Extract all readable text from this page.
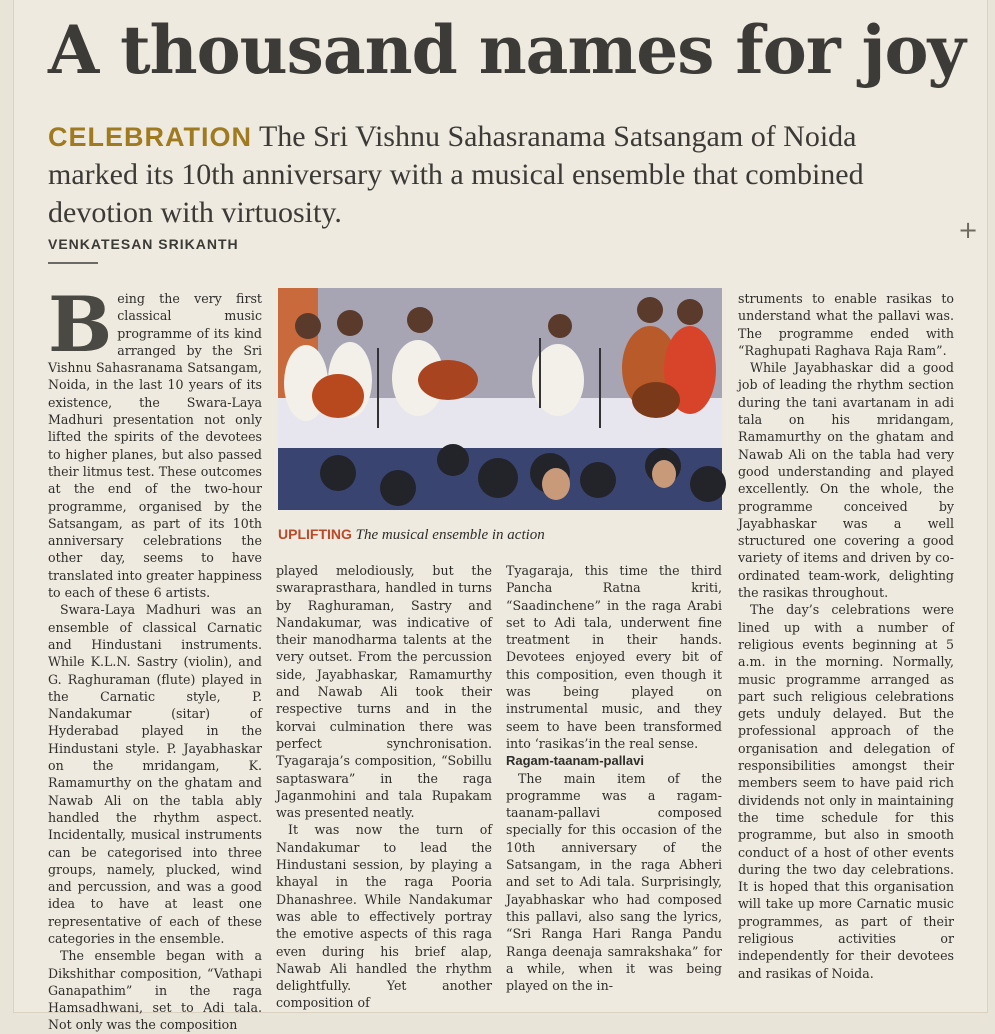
A thousand names for joy

CELEBRATION The Sri Vishnu Sahasranama Satsangam of Noida marked its 10th anniversary with a musical ensemble that combined devotion with virtuosity.

VENKATESAN SRIKANTH	+

Being the very first classical music programme of its kind arranged by the Sri Vishnu Sahasranama Satsangam, Noida, in the last 10 years of its existence, the Swara-Laya Madhuri presentation not only lifted the spirits of the devotees to higher planes, but also passed their litmus test. These outcomes at the end of the two-hour programme, organised by the Satsangam, as part of its 10th anniversary celebrations the other day, seems to have translated into greater happiness to each of these 6 artists.

Swara-Laya Madhuri was an ensemble of classical Carnatic and Hindustani instruments. While K.L.N. Sastry (violin), and G. Raghuraman (flute) played in the Carnatic style, P. Nandakumar (sitar) of Hyderabad played in the Hindustani style. P. Jayabhaskar on the mridangam, K. Ramamurthy on the ghatam and Nawab Ali on the tabla ably handled the rhythm aspect. Incidentally, musical instruments can be categorised into three groups, namely, plucked, wind and percussion, and was a good idea to have at least one representative of each of these categories in the ensemble.

The ensemble began with a Dikshithar composition, “Vathapi Ganapathim” in the raga Hamsadhwani, set to Adi tala. Not only was the composition

UPLIFTING The musical ensemble in action

played melodiously, but the swaraprasthara, handled in turns by Raghuraman, Sastry and Nandakumar, was indicative of their manodharma talents at the very outset. From the percussion side, Jayabhaskar, Ramamurthy and Nawab Ali took their respective turns and in the korvai culmination there was perfect synchronisation. Tyagaraja’s composition, “Sobillu saptaswara” in the raga Jaganmohini and tala Rupakam was presented neatly.

It was now the turn of Nandakumar to lead the Hindustani session, by playing a khayal in the raga Pooria Dhanashree. While Nandakumar was able to effectively portray the emotive aspects of this raga even during his brief alap, Nawab Ali handled the rhythm delightfully. Yet another composition of

Tyagaraja, this time the third Pancha Ratna kriti, “Saadinchene” in the raga Arabi set to Adi tala, underwent fine treatment in their hands. Devotees enjoyed every bit of this composition, even though it was being played on instrumental music, and they seem to have been transformed into ‘rasikas’in the real sense.

Ragam-taanam-pallavi

The main item of the programme was a ragam-taanam-pallavi composed specially for this occasion of the 10th anniversary of the Satsangam, in the raga Abheri and set to Adi tala. Surprisingly, Jayabhaskar who had composed this pallavi, also sang the lyrics, “Sri Ranga Hari Ranga Pandu Ranga deenaja samrakshaka” for a while, when it was being played on the in-

struments to enable rasikas to understand what the pallavi was. The programme ended with “Raghupati Raghava Raja Ram”.

While Jayabhaskar did a good job of leading the rhythm section during the tani avartanam in adi tala on his mridangam, Ramamurthy on the ghatam and Nawab Ali on the tabla had very good understanding and played excellently. On the whole, the programme conceived by Jayabhaskar was a well structured one covering a good variety of items and driven by co-ordinated team-work, delighting the rasikas throughout.

The day’s celebrations were lined up with a number of religious events beginning at 5 a.m. in the morning. Normally, music programme arranged as part such religious celebrations gets unduly delayed. But the professional approach of the organisation and delegation of responsibilities amongst their members seem to have paid rich dividends not only in maintaining the time schedule for this programme, but also in smooth conduct of a host of other events during the two day celebrations. It is hoped that this organisation will take up more Carnatic music programmes, as part of their religious activities or independently for their devotees and rasikas of Noida.
